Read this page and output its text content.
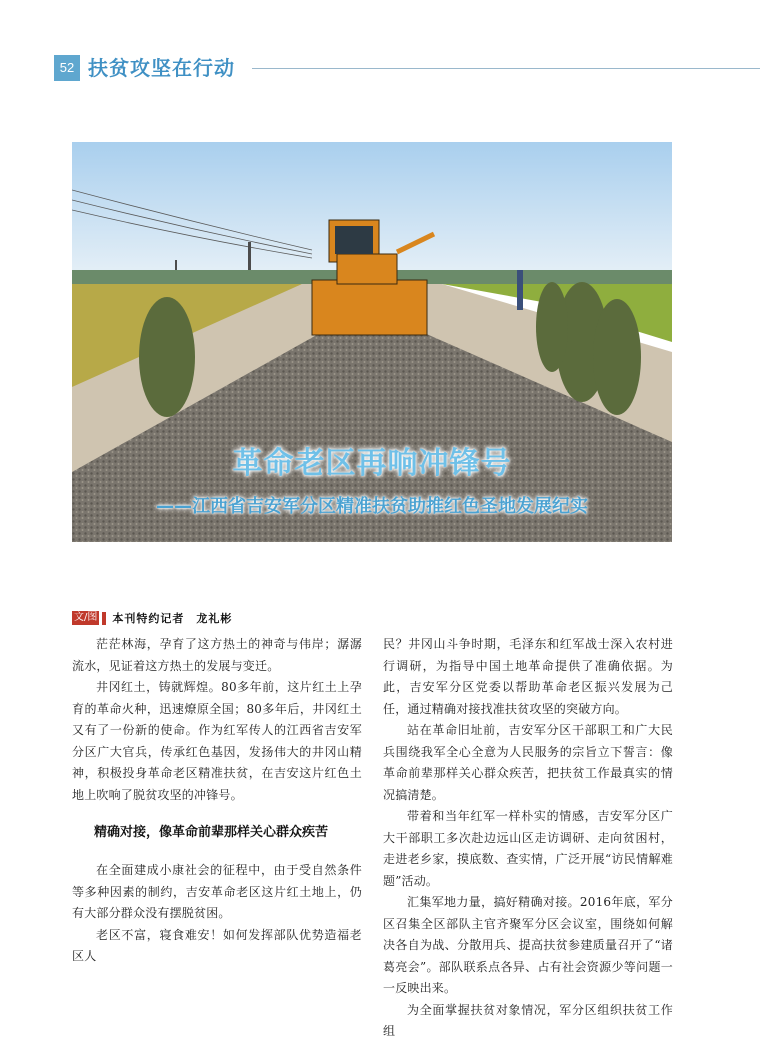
52 扶贫攻坚在行动
革命老区再响冲锋号
——江西省吉安军分区精准扶贫助推红色圣地发展纪实
文/图 本刊特约记者　龙礼彬

茫茫林海，孕育了这方热土的神奇与伟岸；潺潺流水，见证着这方热土的发展与变迁。

井冈红土，铸就辉煌。80多年前，这片红土上孕育的革命火种，迅速燎原全国；80多年后，井冈红土又有了一份新的使命。作为红军传人的江西省吉安军分区广大官兵，传承红色基因，发扬伟大的井冈山精神，积极投身革命老区精准扶贫，在吉安这片红色土地上吹响了脱贫攻坚的冲锋号。

精确对接，像革命前辈那样关心群众疾苦

在全面建成小康社会的征程中，由于受自然条件等多种因素的制约，吉安革命老区这片红土地上，仍有大部分群众没有摆脱贫困。

老区不富，寝食难安！如何发挥部队优势造福老区人

民？井冈山斗争时期，毛泽东和红军战士深入农村进行调研，为指导中国土地革命提供了准确依据。为此，吉安军分区党委以帮助革命老区振兴发展为己任，通过精确对接找准扶贫攻坚的突破方向。

站在革命旧址前，吉安军分区干部职工和广大民兵围绕我军全心全意为人民服务的宗旨立下誓言：像革命前辈那样关心群众疾苦，把扶贫工作最真实的情况搞清楚。

带着和当年红军一样朴实的情感，吉安军分区广大干部职工多次赴边远山区走访调研、走向贫困村，走进老乡家，摸底数、查实情，广泛开展“访民情解难题”活动。

汇集军地力量，搞好精确对接。2016年底，军分区召集全区部队主官齐聚军分区会议室，围绕如何解决各自为战、分散用兵、提高扶贫参建质量召开了“诸葛亮会”。部队联系点各异、占有社会资源少等问题一一反映出来。

为全面掌握扶贫对象情况，军分区组织扶贫工作组
